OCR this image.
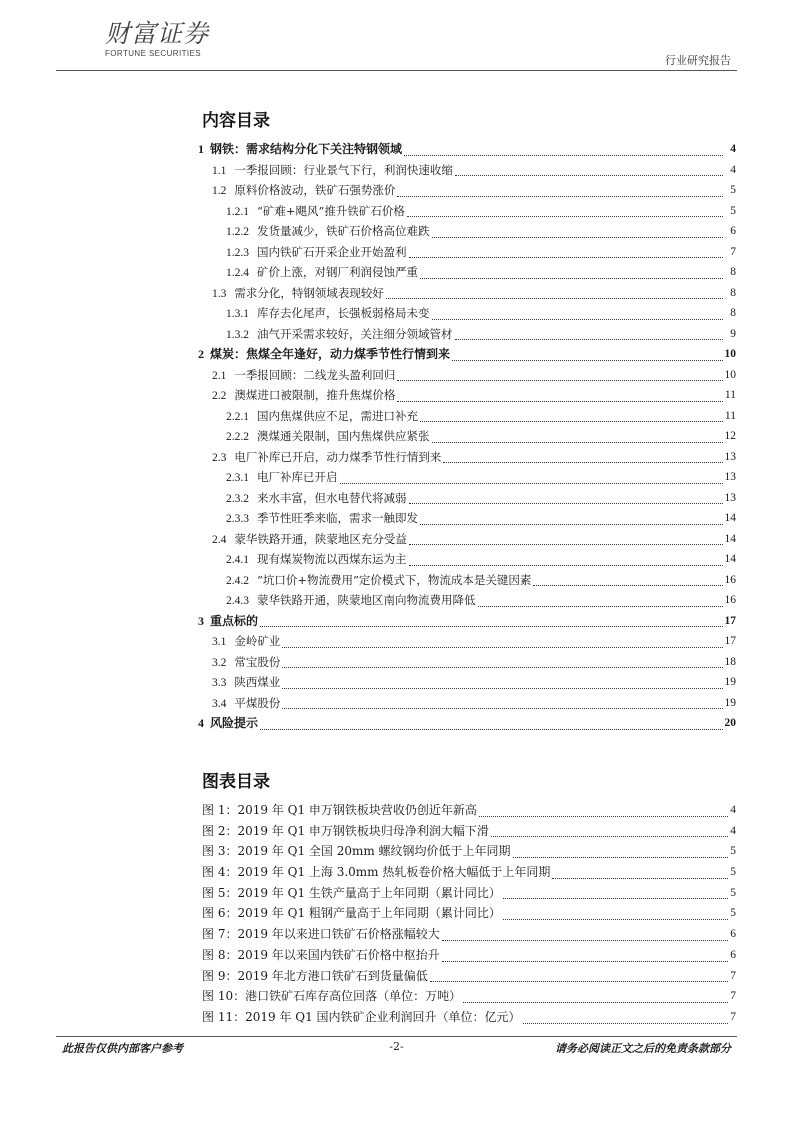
财富证券
FORTUNE SECURITIES
行业研究报告
内容目录
1 钢铁：需求结构分化下关注特钢领域	4
1.1 一季报回顾：行业景气下行，利润快速收缩	4
1.2 原料价格波动，铁矿石强势涨价	5
1.2.1 “矿难+飓风”推升铁矿石价格	5
1.2.2 发货量减少，铁矿石价格高位难跌	6
1.2.3 国内铁矿石开采企业开始盈利	7
1.2.4 矿价上涨，对钢厂利润侵蚀严重	8
1.3 需求分化，特钢领域表现较好	8
1.3.1 库存去化尾声，长强板弱格局未变	8
1.3.2 油气开采需求较好，关注细分领域管材	9
2 煤炭：焦煤全年逢好，动力煤季节性行情到来	10
2.1 一季报回顾：二线龙头盈利回归	10
2.2 澳煤进口被限制，推升焦煤价格	11
2.2.1 国内焦煤供应不足，需进口补充	11
2.2.2 澳煤通关限制，国内焦煤供应紧张	12
2.3 电厂补库已开启，动力煤季节性行情到来	13
2.3.1 电厂补库已开启	13
2.3.2 来水丰富，但水电替代将减弱	13
2.3.3 季节性旺季来临，需求一触即发	14
2.4 蒙华铁路开通，陕蒙地区充分受益	14
2.4.1 现有煤炭物流以西煤东运为主	14
2.4.2 “坑口价+物流费用”定价模式下，物流成本是关键因素	16
2.4.3 蒙华铁路开通，陕蒙地区南向物流费用降低	16
3 重点标的	17
3.1 金岭矿业	17
3.2 常宝股份	18
3.3 陕西煤业	19
3.4 平煤股份	19
4 风险提示	20
图表目录
图 1：2019 年 Q1 申万钢铁板块营收仍创近年新高	4
图 2：2019 年 Q1 申万钢铁板块归母净利润大幅下滑	4
图 3：2019 年 Q1 全国 20mm 螺纹钢均价低于上年同期	5
图 4：2019 年 Q1 上海 3.0mm 热轧板卷价格大幅低于上年同期	5
图 5：2019 年 Q1 生铁产量高于上年同期（累计同比）	5
图 6：2019 年 Q1 粗钢产量高于上年同期（累计同比）	5
图 7：2019 年以来进口铁矿石价格涨幅较大	6
图 8：2019 年以来国内铁矿石价格中枢抬升	6
图 9：2019 年北方港口铁矿石到货量偏低	7
图 10：港口铁矿石库存高位回落（单位：万吨）	7
图 11：2019 年 Q1 国内铁矿企业利润回升（单位：亿元）	7
此报告仅供内部客户参考	-2-	请务必阅读正文之后的免责条款部分
